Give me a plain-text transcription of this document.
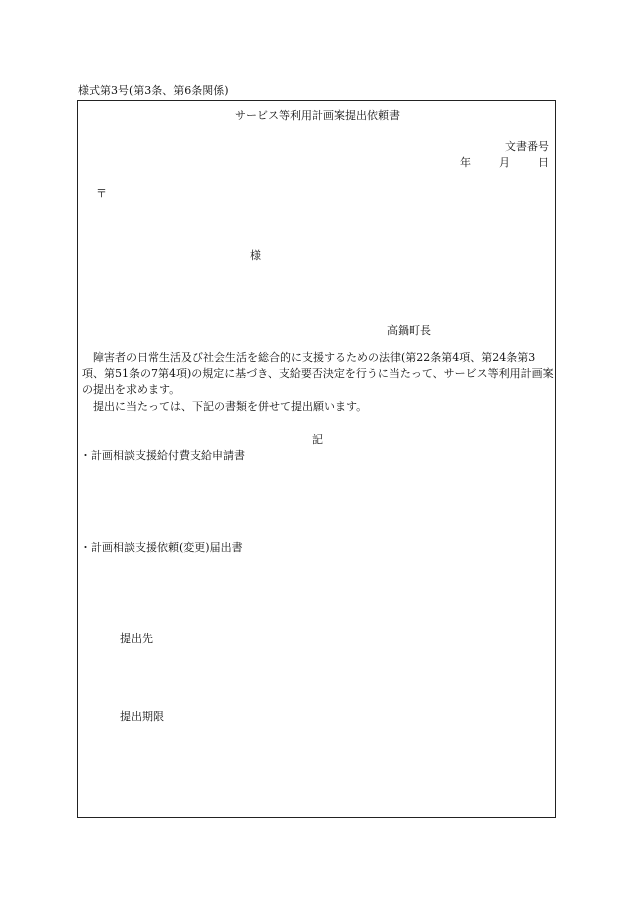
様式第3号(第3条、第6条関係)
サービス等利用計画案提出依頼書
文書番号
年	月	日
〒
様
高鍋町長
障害者の日常生活及び社会生活を総合的に支援するための法律(第22条第4項、第24条第3項、第51条の7第4項)の規定に基づき、支給要否決定を行うに当たって、サービス等利用計画案の提出を求めます。
提出に当たっては、下記の書類を併せて提出願います。
記
・計画相談支援給付費支給申請書
・計画相談支援依頼(変更)届出書
提出先
提出期限
